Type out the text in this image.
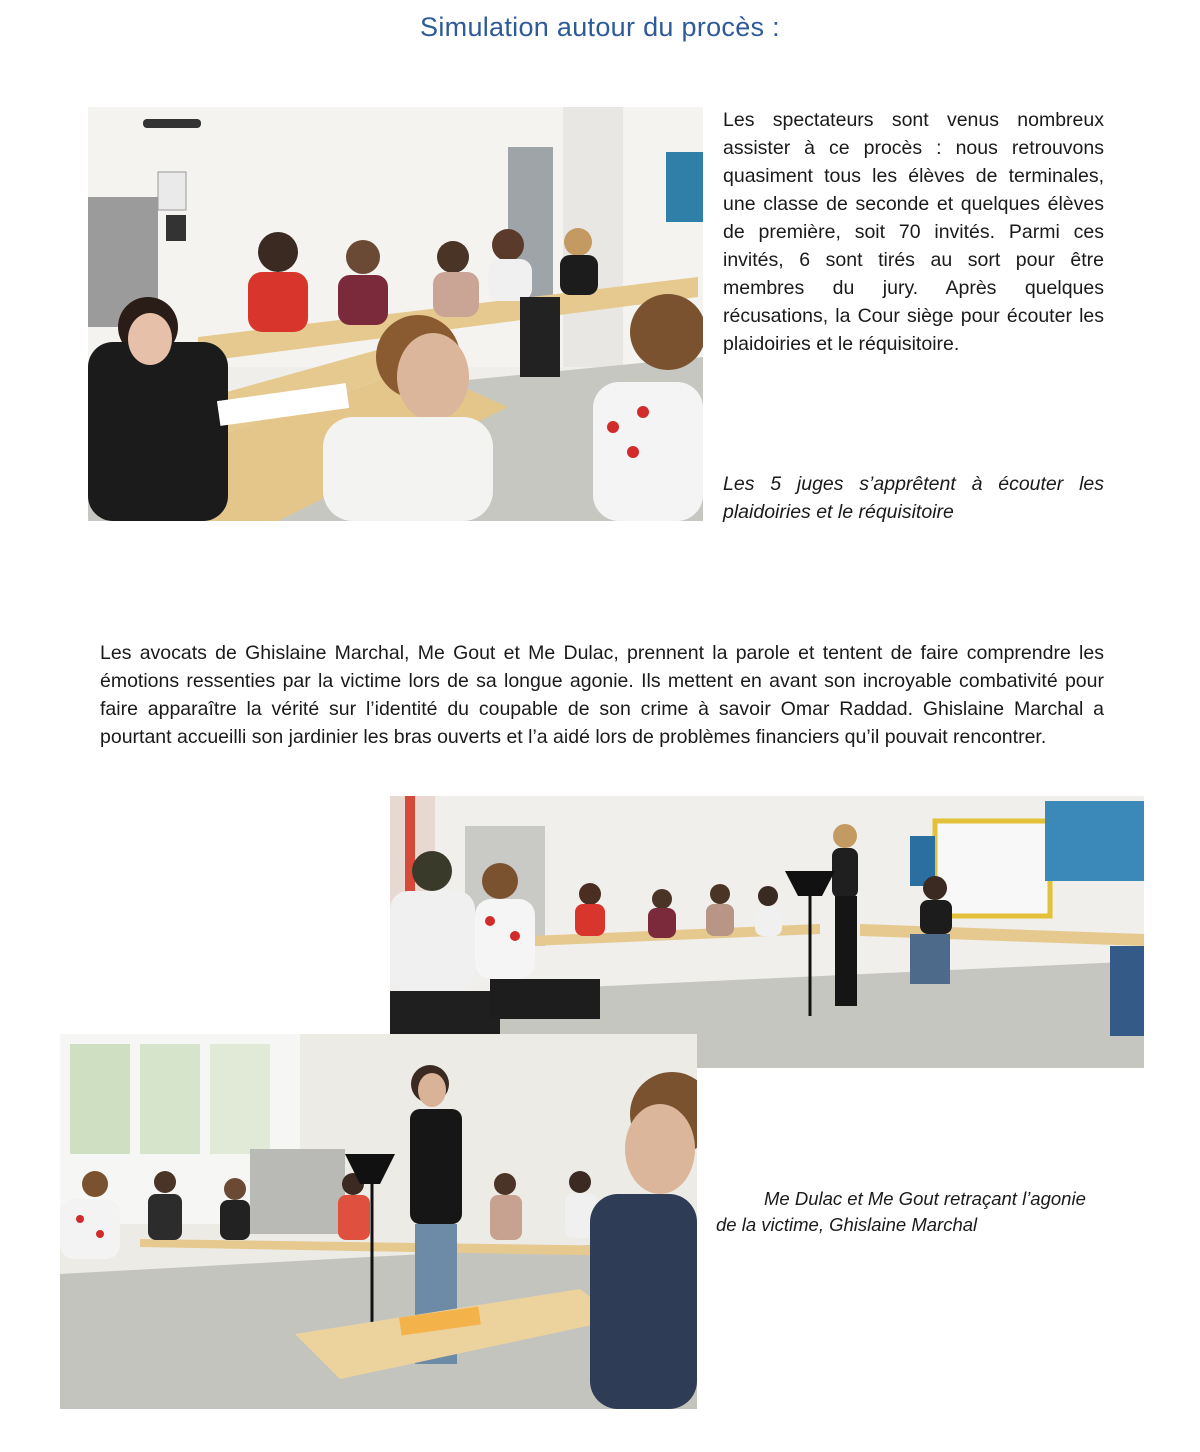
Simulation autour du procès :

Les spectateurs sont venus nombreux assister à ce procès : nous retrouvons quasiment tous les élèves de terminales, une classe de seconde et quelques élèves de première, soit 70 invités. Parmi ces invités, 6 sont tirés au sort pour être membres du jury. Après quelques récusations, la Cour siège pour écouter les plaidoiries et le réquisitoire.

Les 5 juges s’apprêtent à écouter les plaidoiries et le réquisitoire

Les avocats de Ghislaine Marchal, Me Gout et Me Dulac, prennent la parole et tentent de faire comprendre les émotions ressenties par la victime lors de sa longue agonie. Ils mettent en avant son incroyable combativité pour faire apparaître la vérité sur l’identité du coupable de son crime à savoir Omar Raddad. Ghislaine Marchal a pourtant accueilli son jardinier les bras ouverts et l’a aidé lors de problèmes financiers qu’il pouvait rencontrer.

Me Dulac et Me Gout retraçant l’agonie
de la victime, Ghislaine Marchal
